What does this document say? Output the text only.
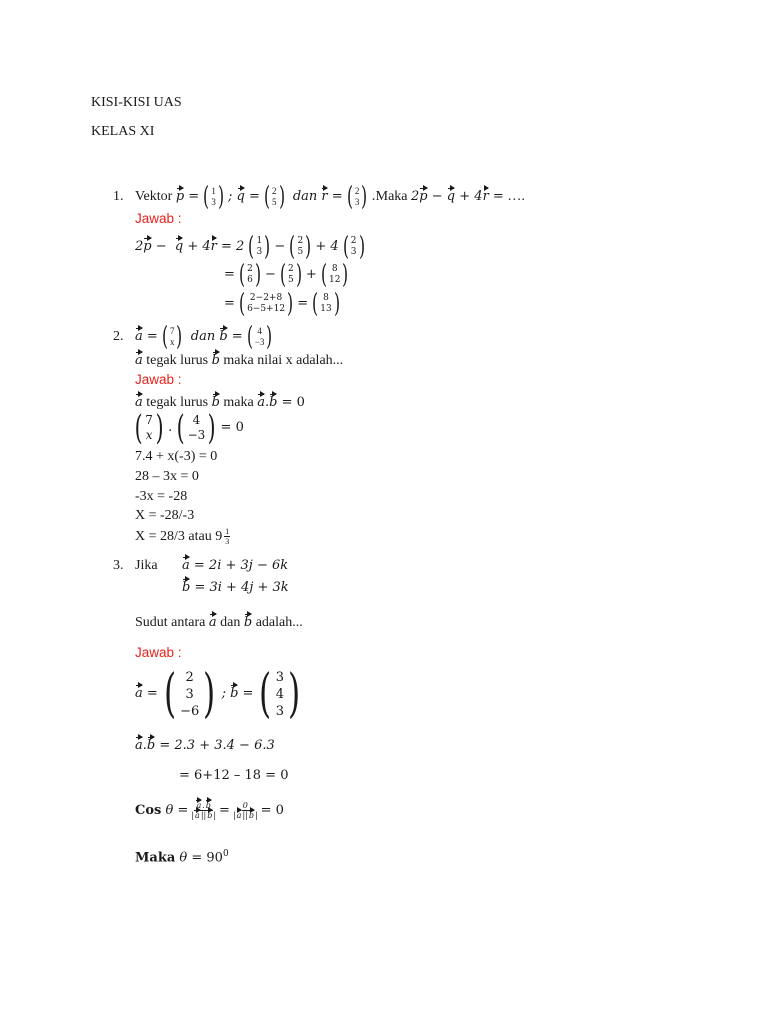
KISI-KISI UAS
KELAS XI
1. Vektor
p = ( 1
3 ) ; q = ( 2
5 ) dan r = ( 2
3 ) . Maka
2p − q + 4r =
….
Jawab :
2p −  q + 4r = 2 ( 1
3 ) − ( 2
5 ) + 4 ( 2
3 )
= ( 2
6 ) − ( 2
5 ) + ( 8
12 )
= ( 2−2+8
6−5+12 ) = ( 8
13 )
2. a = ( 7
x ) dan b = ( 4
−3 )
a tegak lurus b maka nilai x adalah...
Jawab :
a tegak lurus b maka a.b = 0
( 7
x ) . ( 4
−3 ) = 0
7.4 + x(-3) = 0
28 – 3x = 0
-3x = -28
X = -28/-3
X = 28/3 atau $9 \frac{1}{3}$
3. Jika a = 2i + 3j − 6k
b = 3i + 4j + 3k
Sudut antara a dan b adalah...
Jawab :
a = ( 2
3
−6 ) ; b = ( 3
4
3 )
a.b = 2.3 + 3.4 − 6.3
= 6+12 – 18 = 0
Cos
$\theta = \frac{a.b}{|a||b|} = \frac{0}{|a||b|} = 0$
Maka $\theta = 90^0$
